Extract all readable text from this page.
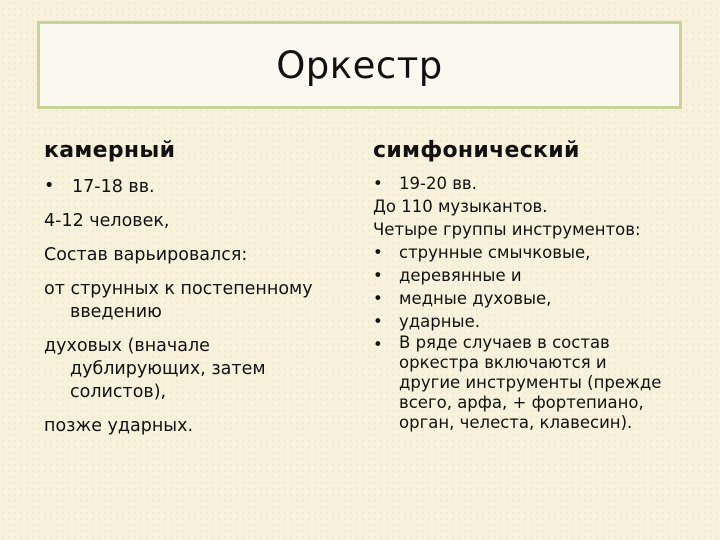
Оркестр
камерный	симфонический
•	17-18 вв.
4-12 человек,
Состав варьировался:
от струнных к постепенному
введению
духовых (вначале
дублирующих, затем
солистов),
позже ударных.
• 19-20 вв.
До 110 музыкантов.
Четыре группы инструментов:
• струнные смычковые,
• деревянные и
• медные духовые,
• ударные.
• В ряде случаев в состав
оркестра включаются и
другие инструменты (прежде
всего, арфа, + фортепиано,
орган, челеста, клавесин).
